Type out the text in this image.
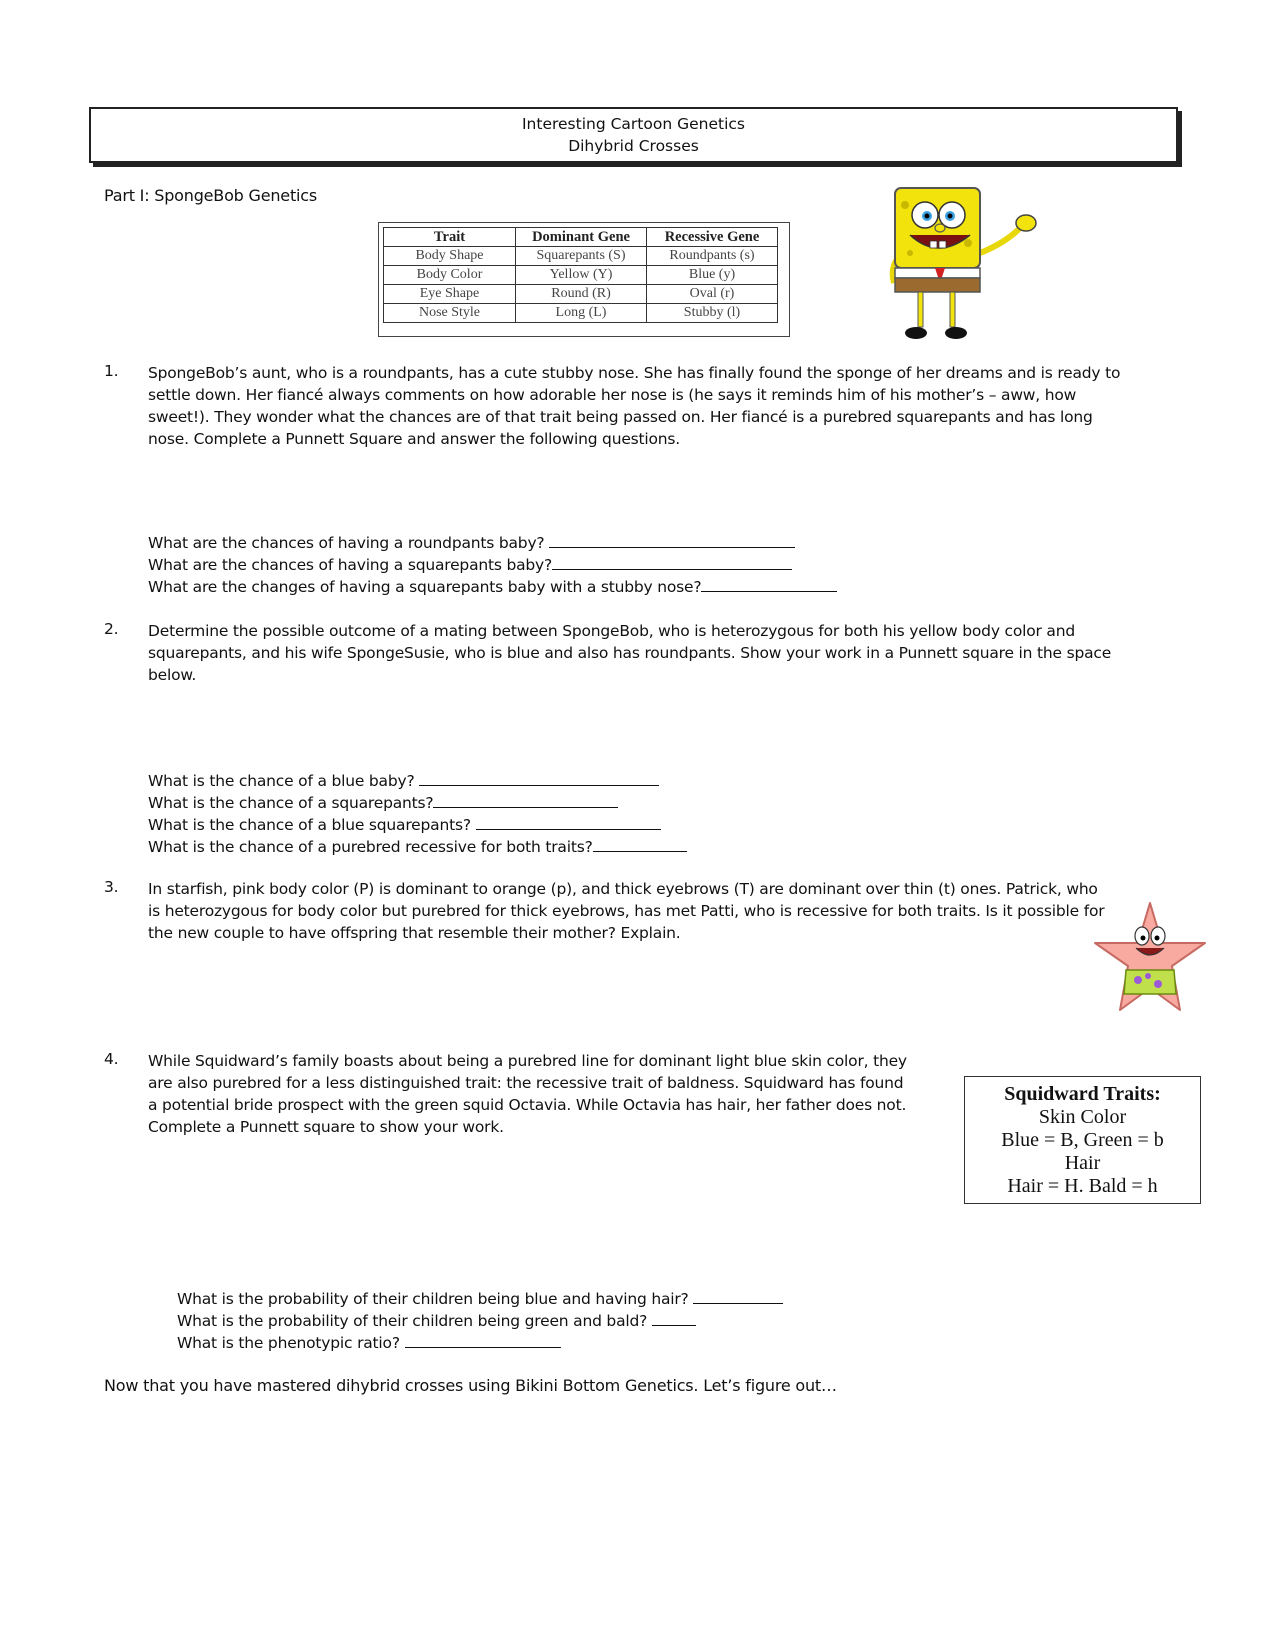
Interesting Cartoon Genetics
Dihybrid Crosses
Part I: SpongeBob Genetics
Trait	Dominant Gene	Recessive Gene
Body Shape	Squarepants (S)	Roundpants (s)
Body Color	Yellow (Y)	Blue (y)
Eye Shape	Round (R)	Oval (r)
Nose Style	Long (L)	Stubby (l)
1. SpongeBob’s aunt, who is a roundpants, has a cute stubby nose. She has finally found the sponge of her dreams and is ready to settle down. Her fiancé always comments on how adorable her nose is (he says it reminds him of his mother’s – aww, how sweet!). They wonder what the chances are of that trait being passed on. Her fiancé is a purebred squarepants and has long nose. Complete a Punnett Square and answer the following questions.
What are the chances of having a roundpants baby?
What are the chances of having a squarepants baby?
What are the changes of having a squarepants baby with a stubby nose?
2. Determine the possible outcome of a mating between SpongeBob, who is heterozygous for both his yellow body color and squarepants, and his wife SpongeSusie, who is blue and also has roundpants. Show your work in a Punnett square in the space below.
What is the chance of a blue baby?
What is the chance of a squarepants?
What is the chance of a blue squarepants?
What is the chance of a purebred recessive for both traits?
3. In starfish, pink body color (P) is dominant to orange (p), and thick eyebrows (T) are dominant over thin (t) ones. Patrick, who is heterozygous for body color but purebred for thick eyebrows, has met Patti, who is recessive for both traits. Is it possible for the new couple to have offspring that resemble their mother? Explain.
4. While Squidward’s family boasts about being a purebred line for dominant light blue skin color, they are also purebred for a less distinguished trait: the recessive trait of baldness. Squidward has found a potential bride prospect with the green squid Octavia. While Octavia has hair, her father does not. Complete a Punnett square to show your work.
Squidward Traits:
Skin Color
Blue = B, Green = b
Hair
Hair = H. Bald = h
What is the probability of their children being blue and having hair?
What is the probability of their children being green and bald?
What is the phenotypic ratio?
Now that you have mastered dihybrid crosses using Bikini Bottom Genetics. Let’s figure out…
